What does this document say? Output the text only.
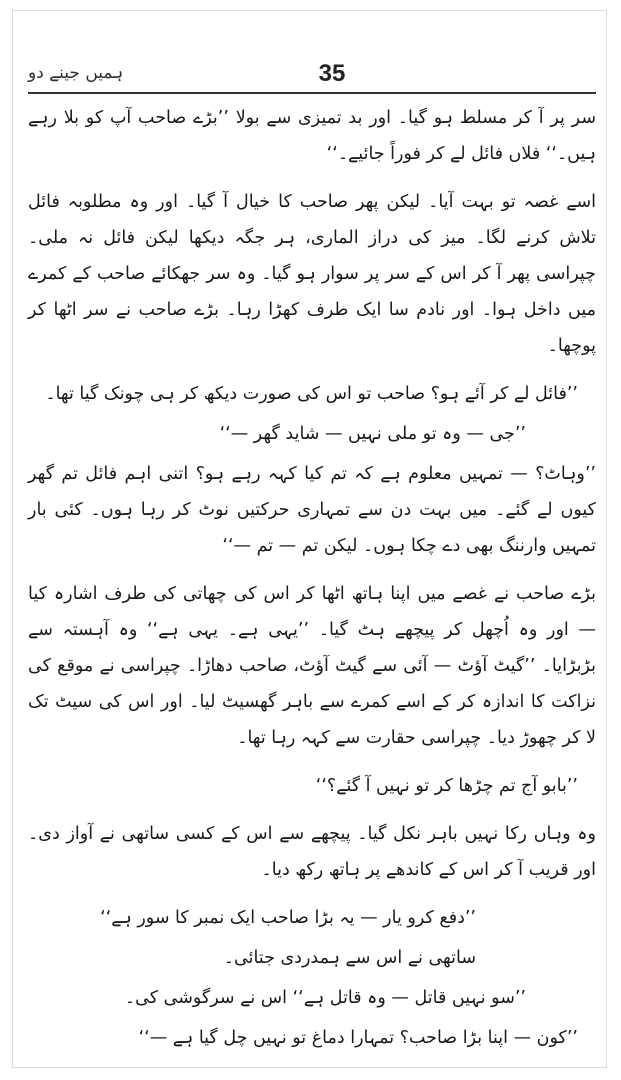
ہمیں جینے دو	35

سر پر آ کر مسلط ہو گیا۔ اور بد تمیزی سے بولا ’’بڑے صاحب آپ کو بلا رہے ہیں۔‘‘ فلاں فائل لے کر فوراً جائیے۔‘‘

اسے غصہ تو بہت آیا۔ لیکن پھر صاحب کا خیال آ گیا۔ اور وہ مطلوبہ فائل تلاش کرنے لگا۔ میز کی دراز الماری، ہر جگہ دیکھا لیکن فائل نہ ملی۔ چپراسی پھر آ کر اس کے سر پر سوار ہو گیا۔ وہ سر جھکائے صاحب کے کمرے میں داخل ہوا۔ اور نادم سا ایک طرف کھڑا رہا۔ بڑے صاحب نے سر اٹھا کر پوچھا۔

’’فائل لے کر آئے ہو؟ صاحب تو اس کی صورت دیکھ کر ہی چونک گیا تھا۔

’’جی — وہ تو ملی نہیں — شاید گھر —‘‘

’’وہاٹ؟ — تمہیں معلوم ہے کہ تم کیا کہہ رہے ہو؟ اتنی اہم فائل تم گھر کیوں لے گئے۔ میں بہت دن سے تمہاری حرکتیں نوٹ کر رہا ہوں۔ کئی بار تمہیں وارننگ بھی دے چکا ہوں۔ لیکن تم — تم —‘‘

بڑے صاحب نے غصے میں اپنا ہاتھ اٹھا کر اس کی چھاتی کی طرف اشارہ کیا — اور وہ اُچھل کر پیچھے ہٹ گیا۔ ’’یہی ہے۔ یہی ہے‘‘ وہ آہستہ سے بڑبڑایا۔ ’’گیٹ آؤٹ — آئی سے گیٹ آؤٹ، صاحب دھاڑا۔ چپراسی نے موقع کی نزاکت کا اندازہ کر کے اسے کمرے سے باہر گھسیٹ لیا۔ اور اس کی سیٹ تک لا کر چھوڑ دیا۔ چپراسی حقارت سے کہہ رہا تھا۔

’’بابو آج تم چڑھا کر تو نہیں آ گئے؟‘‘

وہ وہاں رکا نہیں باہر نکل گیا۔ پیچھے سے اس کے کسی ساتھی نے آواز دی۔ اور قریب آ کر اس کے کاندھے پر ہاتھ رکھ دیا۔

’’دفع کرو یار — یہ بڑا صاحب ایک نمبر کا سور ہے‘‘

ساتھی نے اس سے ہمدردی جتائی۔

’’سو نہیں قاتل — وہ قاتل ہے‘‘ اس نے سرگوشی کی۔

’’کون — اپنا بڑا صاحب؟ تمہارا دماغ تو نہیں چل گیا ہے —‘‘
